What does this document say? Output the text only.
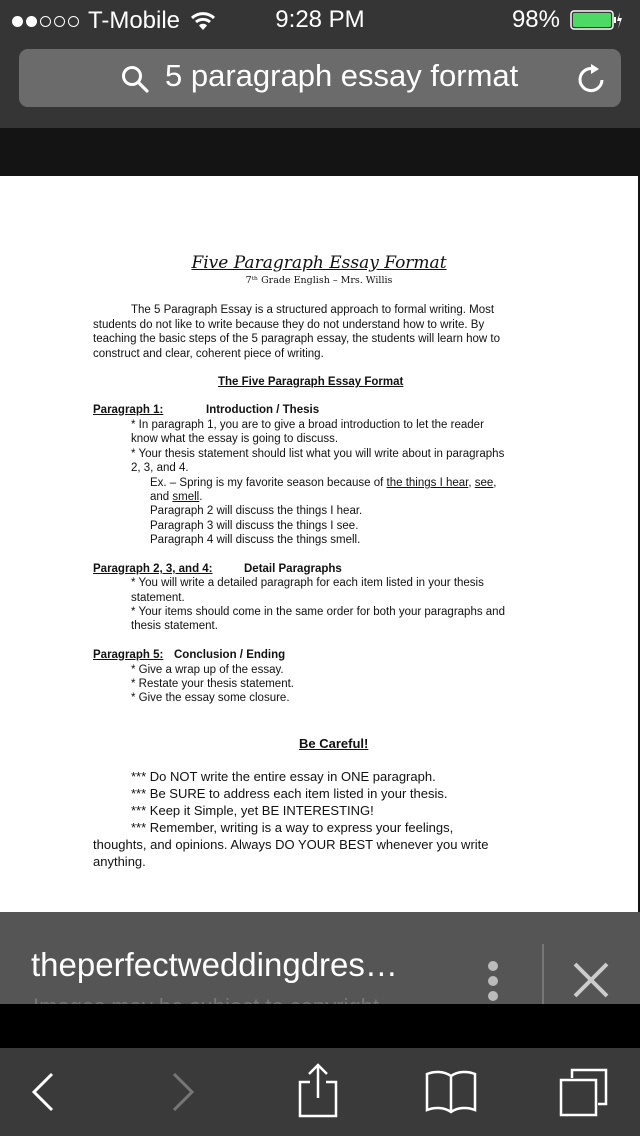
T-Mobile	9:28 PM	98%
5 paragraph essay format
Five Paragraph Essay Format
7ᵗʰ Grade English – Mrs. Willis
The 5 Paragraph Essay is a structured approach to formal writing. Most
students do not like to write because they do not understand how to write. By
teaching the basic steps of the 5 paragraph essay, the students will learn how to
construct and clear, coherent piece of writing.
The Five Paragraph Essay Format
Paragraph 1:	Introduction / Thesis
* In paragraph 1, you are to give a broad introduction to let the reader
know what the essay is going to discuss.
* Your thesis statement should list what you will write about in paragraphs
2, 3, and 4.
Ex. – Spring is my favorite season because of the things I hear, see,
and smell.
Paragraph 2 will discuss the things I hear.
Paragraph 3 will discuss the things I see.
Paragraph 4 will discuss the things smell.
Paragraph 2, 3, and 4:	Detail Paragraphs
* You will write a detailed paragraph for each item listed in your thesis
statement.
* Your items should come in the same order for both your paragraphs and
thesis statement.
Paragraph 5: Conclusion / Ending
* Give a wrap up of the essay.
* Restate your thesis statement.
* Give the essay some closure.
Be Careful!
*** Do NOT write the entire essay in ONE paragraph.
*** Be SURE to address each item listed in your thesis.
*** Keep it Simple, yet BE INTERESTING!
*** Remember, writing is a way to express your feelings,
thoughts, and opinions. Always DO YOUR BEST whenever you write
anything.
theperfectweddingdres…
